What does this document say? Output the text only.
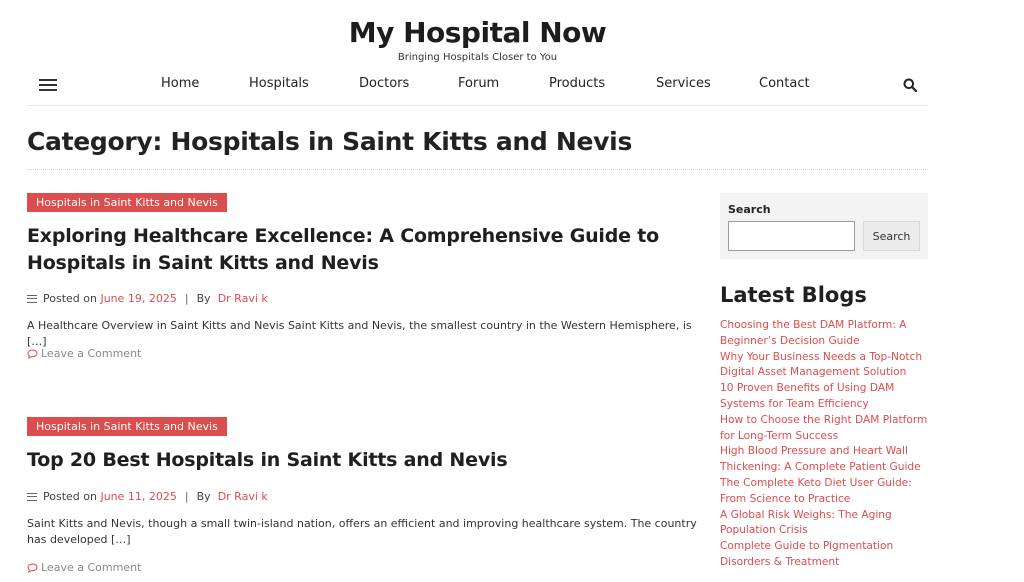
My Hospital Now
Bringing Hospitals Closer to You
Home	Hospitals	Doctors	Forum	Products	Services	Contact
Category: Hospitals in Saint Kitts and Nevis
Hospitals in Saint Kitts and Nevis
Exploring Healthcare Excellence: A Comprehensive Guide to Hospitals in Saint Kitts and Nevis
Posted on
June 19, 2025 | By
Dr Ravi k

A Healthcare Overview in Saint Kitts and Nevis Saint Kitts and Nevis, the smallest country in the Western Hemisphere, is […]

Leave a Comment
Hospitals in Saint Kitts and Nevis
Top 20 Best Hospitals in Saint Kitts and Nevis
Posted on
June 11, 2025 | By
Dr Ravi k

Saint Kitts and Nevis, though a small twin-island nation, offers an efficient and improving healthcare system. The country has developed […]

Leave a Comment
Search
Search
Latest Blogs
Choosing the Best DAM Platform: A Beginner’s Decision Guide
Why Your Business Needs a Top-Notch Digital Asset Management Solution
10 Proven Benefits of Using DAM Systems for Team Efficiency
How to Choose the Right DAM Platform for Long-Term Success
High Blood Pressure and Heart Wall Thickening: A Complete Patient Guide
The Complete Keto Diet User Guide: From Science to Practice
A Global Risk Weighs: The Aging Population Crisis
Complete Guide to Pigmentation Disorders & Treatment
